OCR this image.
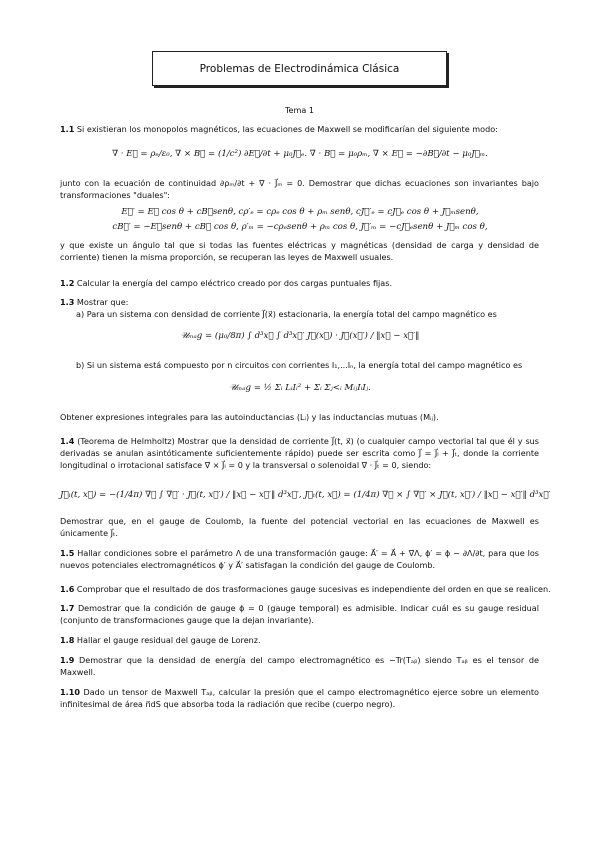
Problemas de Electrodinámica Clásica
Tema 1
1.1 Si existieran los monopolos magnéticos, las ecuaciones de Maxwell se modificarían del siguiente modo:
∇ · E⃗ = ρₑ/ε₀, ∇ × B⃗ = (1/c²) ∂E⃗/∂t + μ₀J⃗ₑ. ∇ · B⃗ = μ₀ρₘ, ∇ × E⃗ = −∂B⃗/∂t − μ₀J⃗ₘ.
junto con la ecuación de continuidad ∂ρₘ/∂t + ∇ · J⃗ₘ = 0. Demostrar que dichas ecuaciones son invariantes bajo transformaciones "duales":
E⃗′ = E⃗ cos θ + cB⃗senθ, cρ′ₑ = cρₑ cos θ + ρₘ senθ, cJ⃗′ₑ = cJ⃗ₑ cos θ + J⃗ₘsenθ,
cB⃗′ = −E⃗senθ + cB⃗ cos θ, ρ′ₘ = −cρₑsenθ + ρₘ cos θ, J⃗′ₘ = −cJ⃗ₑsenθ + J⃗ₘ cos θ,
y que existe un ángulo tal que si todas las fuentes eléctricas y magnéticas (densidad de carga y densidad de corriente) tienen la misma proporción, se recuperan las leyes de Maxwell usuales.
1.2 Calcular la energía del campo eléctrico creado por dos cargas puntuales fijas.
1.3 Mostrar que:
a) Para un sistema con densidad de corriente J⃗(x⃗) estacionaria, la energía total del campo magnético es
𝒰ₘₐ𝑔 = (μ₀/8π) ∫ d³x⃗ ∫ d³x⃗′ J⃗(x⃗) · J⃗(x⃗′) / ‖x⃗ − x⃗′‖
b) Si un sistema está compuesto por n circuitos con corrientes I₁,...Iₙ, la energía total del campo magnético es
𝒰ₘₐ𝑔 = ½ Σᵢ LᵢIᵢ² + Σᵢ Σⱼ<ᵢ MᵢⱼIᵢIⱼ.
Obtener expresiones integrales para las autoinductancias (Lᵢ) y las inductancias mutuas (Mᵢⱼ).
1.4 (Teorema de Helmholtz) Mostrar que la densidad de corriente J⃗(t, x⃗) (o cualquier campo vectorial tal que él y sus derivadas se anulan asintóticamente suficientemente rápido) puede ser escrita como J⃗ = J⃗ₗ + J⃗ₜ, donde la corriente longitudinal o irrotacional satisface ∇⃗ × J⃗ₗ = 0 y la transversal o solenoidal ∇⃗ · J⃗ₜ = 0, siendo:
J⃗ₗ(t, x⃗) = −(1/4π) ∇⃗ ∫ ∇⃗′ · J⃗(t, x⃗′) / ‖x⃗ − x⃗′‖ d³x⃗′, J⃗ₜ(t, x⃗) = (1/4π) ∇⃗ × ∫ ∇⃗′ × J⃗(t, x⃗′) / ‖x⃗ − x⃗′‖ d³x⃗′
Demostrar que, en el gauge de Coulomb, la fuente del potencial vectorial en las ecuaciones de Maxwell es únicamente J⃗ₜ.
1.5 Hallar condiciones sobre el parámetro Λ de una transformación gauge: A⃗′ = A⃗ + ∇⃗Λ, ϕ′ = ϕ − ∂Λ/∂t, para que los nuevos potenciales electromagnéticos ϕ′ y A⃗′ satisfagan la condición del gauge de Coulomb.
1.6 Comprobar que el resultado de dos trasformaciones gauge sucesivas es independiente del orden en que se realicen.
1.7 Demostrar que la condición de gauge ϕ = 0 (gauge temporal) es admisible. Indicar cuál es su gauge residual (conjunto de transformaciones gauge que la dejan invariante).
1.8 Hallar el gauge residual del gauge de Lorenz.
1.9 Demostrar que la densidad de energía del campo electromagnético es −Tr(Tₐᵦ) siendo Tₐᵦ es el tensor de Maxwell.
1.10 Dado un tensor de Maxwell Tₐᵦ, calcular la presión que el campo electromagnético ejerce sobre un elemento infinitesimal de área n⃗dS que absorba toda la radiación que recibe (cuerpo negro).
